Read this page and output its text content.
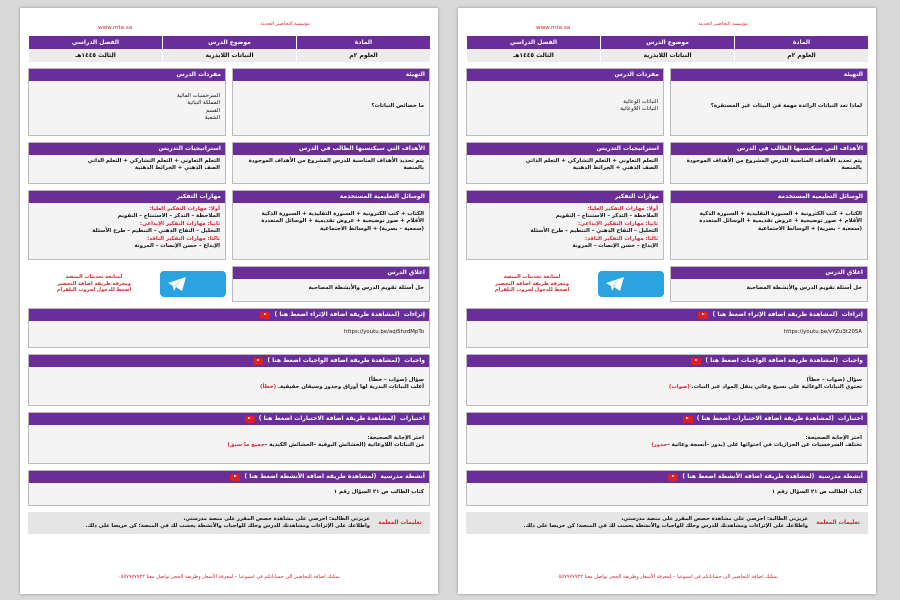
مؤسسة التحاضير الحديثة
www.mta.sa
المادة
موضوع الدرس
الفصل الدراسي
العلوم ٢م
النباتات اللابذرية
الثالث ١٤٤٥هـ
التهيئة
ما خصائص النباتات؟
مفردات الدرس
السرخسيات المائية
المملكة النباتية
القسم
الشعبة
الأهداف التي سيكتسبها الطالب في الدرس
يتم تحديد الأهداف المناسبة للدرس المشروع من الأهداف الموجودة بالمنصة
استراتيجيات التدريس
التعلم التعاوني + التعلم التشاركي + التعلم الذاتي
الصف الذهني + الخرائط الذهنية
الوسائل التعليمية المستخدمة
الكتاب + كتب الكترونية + السبورة التقليدية + السبورة الذكية
الأقلام + صور توضيحية + عروض تقديمية + الوسائل المتعددة
(سمعية – بصرية) + الوسائط الاجتماعية
اغلاق الدرس
حل أسئلة تقويم الدرس والأنشطة المصاحبة
مهارات التفكير
أولا: مهارات التفكير العليا:
الملاحظة – التذكر – الاستنتاج – التقويم
ثانيا: مهارات التفكير الإبداعي:
التحليل – التفاح الذهني – التنظيم – طرح الأسئلة
ثالثا: مهارات التفكير الناقد:
الإبداع – حسن الإنصات – المرونة
لمتابعة تحديثات المنصة
ومعرفة طريقة اضافة التحضير
اضغط للدخول لجروب التلقرام
إثراءات
(لمشاهدة طريقة اضافة الإثراء اضغط هنا )
https://youtu.be/aqi5hzdMpTo
واجبات
(لمشاهدة طريقة اضافة الواجبات اضغط هنا )
سؤال (صواب – خطأ)
أغلب النباتات البذرية لها أوراق وجذور وسيقان حقيقية. (خطأ)
اختبارات
(لمشاهدة طريقة اضافة الاختبارات اضغط هنا )
اختر الإجابة الصحيحة:
من النباتات اللاوعائية (الحشائش البوقية –الحشائش الكبدية –جميع ما سبق)
أنشطة مدرسية
(لمشاهدة طريقة اضافة الأنشطة اضغط هنا )
كتاب الطالب ص ٢١ السؤال رقم ١
تعليمات المعلمة
عزيزتي الطالبة: احرصي على مشاهدة حصص المقرر على منصة مدرستي،
واطلاعك على الإثراءات ومشاهدتك للدرس وحلك للواجبات والأنشطة يحسب لك في المنصة؛ كن حريصا على ذلك.
بمكنك اضافة التحاضير الى حساباتكم في اسبوعيا – لمعرفة الأسعار وطريقة الحجز تواصل معنا ٠٥٥٧٩٧٧٧٢٢
مؤسسة التحاضير الحديثة
www.mta.sa
المادة
موضوع الدرس
الفصل الدراسي
العلوم ٢م
النباتات اللابذرية
الثالث ١٤٤٥هـ
التهيئة
لماذا تعد النباتات الرائدة مهمة في البيئات غير المستقرة؟
مفردات الدرس
النباتات الوعائية
النباتات اللاوعائية
الأهداف التي سيكتسبها الطالب في الدرس
يتم تحديد الأهداف المناسبة للدرس المشروع من الأهداف الموجودة بالمنصة
استراتيجيات التدريس
التعلم التعاوني + التعلم التشاركي + التعلم الذاتي
الصف الذهني + الخرائط الذهنية
الوسائل التعليمية المستخدمة
الكتاب + كتب الكترونية + السبورة التقليدية + السبورة الذكية
الأقلام + صور توضيحية + عروض تقديمية + الوسائل المتعددة
(سمعية – بصرية) + الوسائط الاجتماعية
اغلاق الدرس
حل أسئلة تقويم الدرس والأنشطة المصاحبة
مهارات التفكير
أولا: مهارات التفكير العليا:
الملاحظة – التذكر – الاستنتاج – التقويم
ثانيا: مهارات التفكير الإبداعي:
التحليل – التفاح الذهني – التنظيم – طرح الأسئلة
ثالثا: مهارات التفكير الناقد:
الإبداع – حسن الإنصات – المرونة
لمتابعة تحديثات المنصة
ومعرفة طريقة اضافة التحضير
اضغط للدخول لجروب التلقرام
إثراءات
(لمشاهدة طريقة اضافة الإثراء اضغط هنا )
https://youtu.be/vYZu3t205A
واجبات
(لمشاهدة طريقة اضافة الواجبات اضغط هنا )
سؤال (صواب – خطأ)
تحتوي النباتات الوعائية على نسيج وعائي ينقل المواد عبر النبات. (صواب)
اختبارات
(لمشاهدة طريقة اضافة الاختبارات اضغط هنا )
اختر الإجابة الصحيحة:
تختلف السرخسيات عن الحزازيات في احتوائها على (بذور –أنسجة وعائية –جذور)
أنشطة مدرسية
(لمشاهدة طريقة اضافة الأنشطة اضغط هنا )
كتاب الطالب ص ٢١ السؤال رقم ١
تعليمات المعلمة
عزيزتي الطالبة: احرصي على مشاهدة حصص المقرر على منصة مدرستي،
واطلاعك على الإثراءات ومشاهدتك للدرس وحلك للواجبات والأنشطة يحسب لك في المنصة؛ كن حريصا على ذلك.
بمكنك اضافة التحاضير الى حساباتكم في اسبوعيا – لمعرفة الأسعار وطريقة الحجز تواصل معنا ٠٥٥٧٩٧٧٧٢٢
